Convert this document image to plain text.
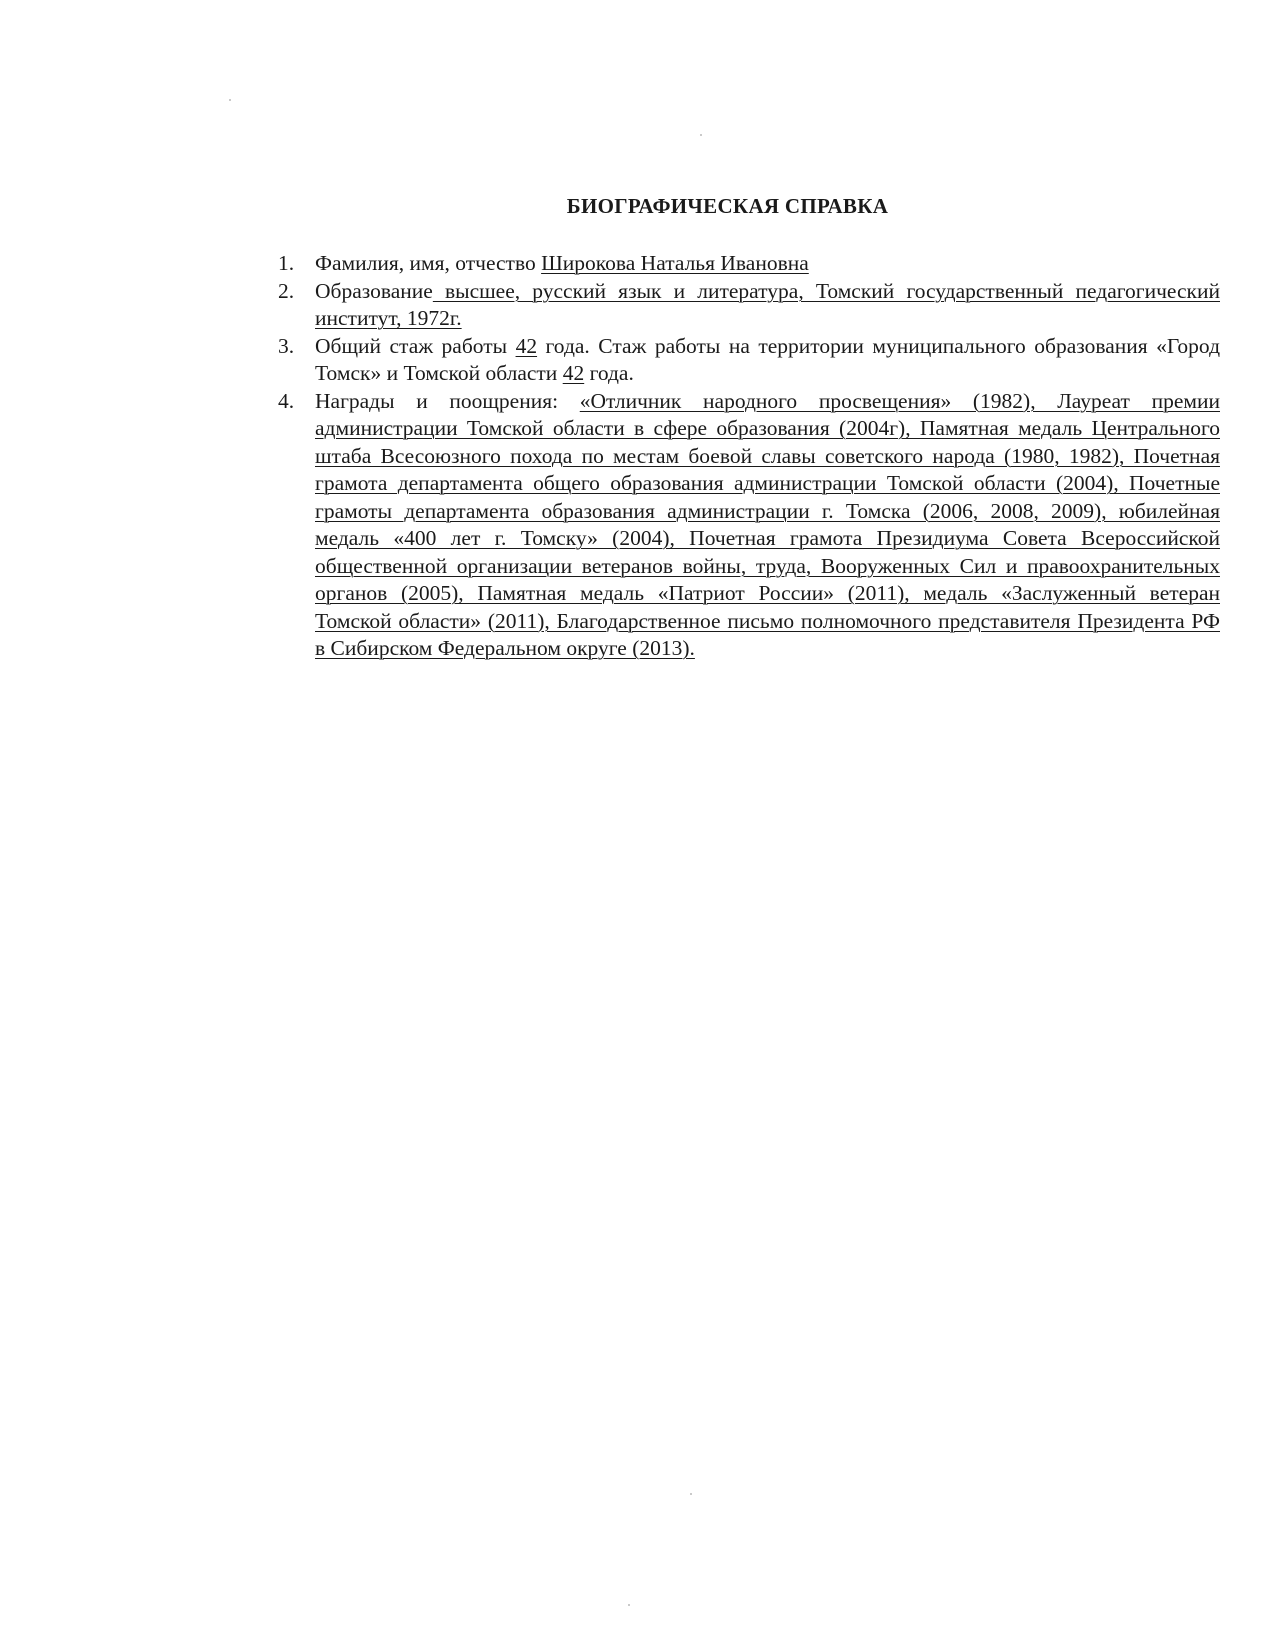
БИОГРАФИЧЕСКАЯ СПРАВКА
1. Фамилия, имя, отчество Широкова Наталья Ивановна
2. Образование высшее, русский язык и литература, Томский государственный педагогический институт, 1972г.
3. Общий стаж работы 42 года. Стаж работы на территории муниципального образования «Город Томск» и Томской области 42 года.
4. Награды и поощрения: «Отличник народного просвещения» (1982), Лауреат премии администрации Томской области в сфере образования (2004г), Памятная медаль Центрального штаба Всесоюзного похода по местам боевой славы советского народа (1980, 1982), Почетная грамота департамента общего образования администрации Томской области (2004), Почетные грамоты департамента образования администрации г. Томска (2006, 2008, 2009), юбилейная медаль «400 лет г. Томску» (2004), Почетная грамота Президиума Совета Всероссийской общественной организации ветеранов войны, труда, Вооруженных Сил и правоохранительных органов (2005), Памятная медаль «Патриот России» (2011), медаль «Заслуженный ветеран Томской области» (2011), Благодарственное письмо полномочного представителя Президента РФ в Сибирском Федеральном округе (2013).
